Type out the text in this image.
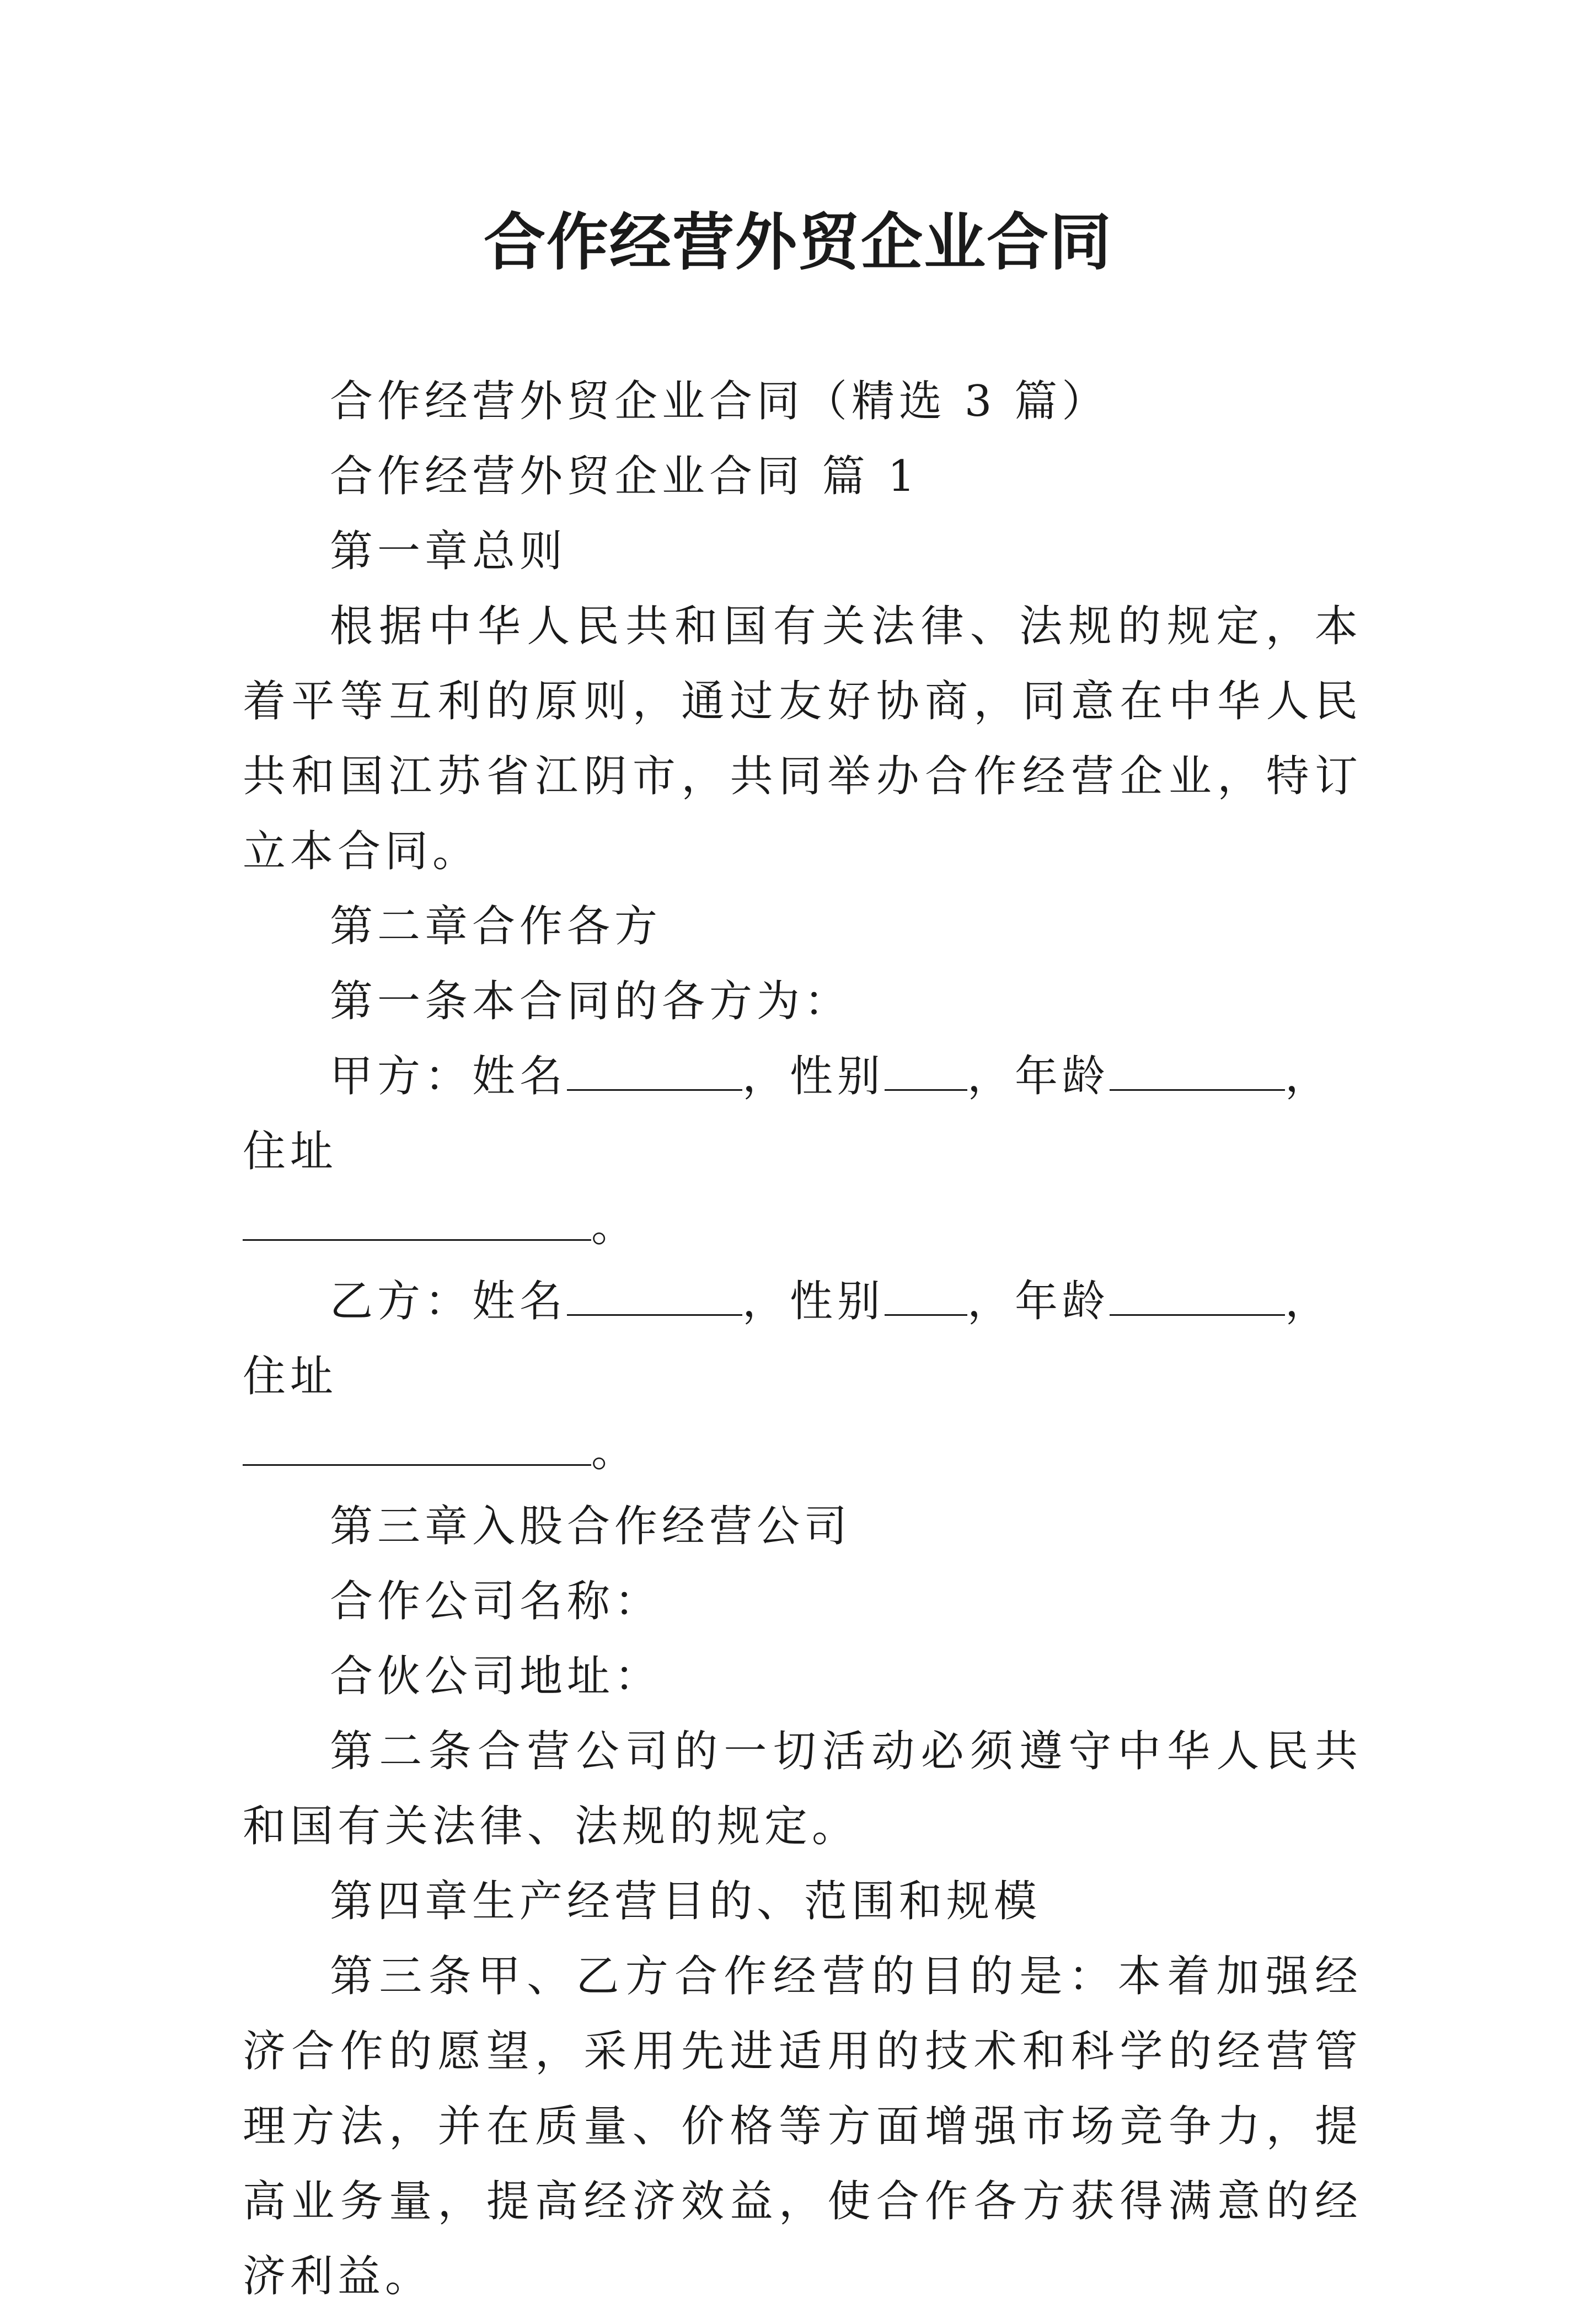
合作经营外贸企业合同

合作经营外贸企业合同（精选 3 篇）

合作经营外贸企业合同 篇 1

第一章总则

根据中华人民共和国有关法律、法规的规定，本着平等互利的原则，通过友好协商，同意在中华人民共和国江苏省江阴市，共同举办合作经营企业，特订立本合同。

第二章合作各方

第一条本合同的各方为：

甲方：姓名	，性别 ，年龄	，住址

。

乙方：姓名	，性别 ，年龄	，住址

。

第三章入股合作经营公司

合作公司名称：

合伙公司地址：

第二条合营公司的一切活动必须遵守中华人民共和国有关法律、法规的规定。

第四章生产经营目的、范围和规模

第三条甲、乙方合作经营的目的是：本着加强经济合作的愿望，采用先进适用的技术和科学的经营管理方法，并在质量、价格等方面增强市场竞争力，提高业务量，提高经济效益，使合作各方获得满意的经济利益。
